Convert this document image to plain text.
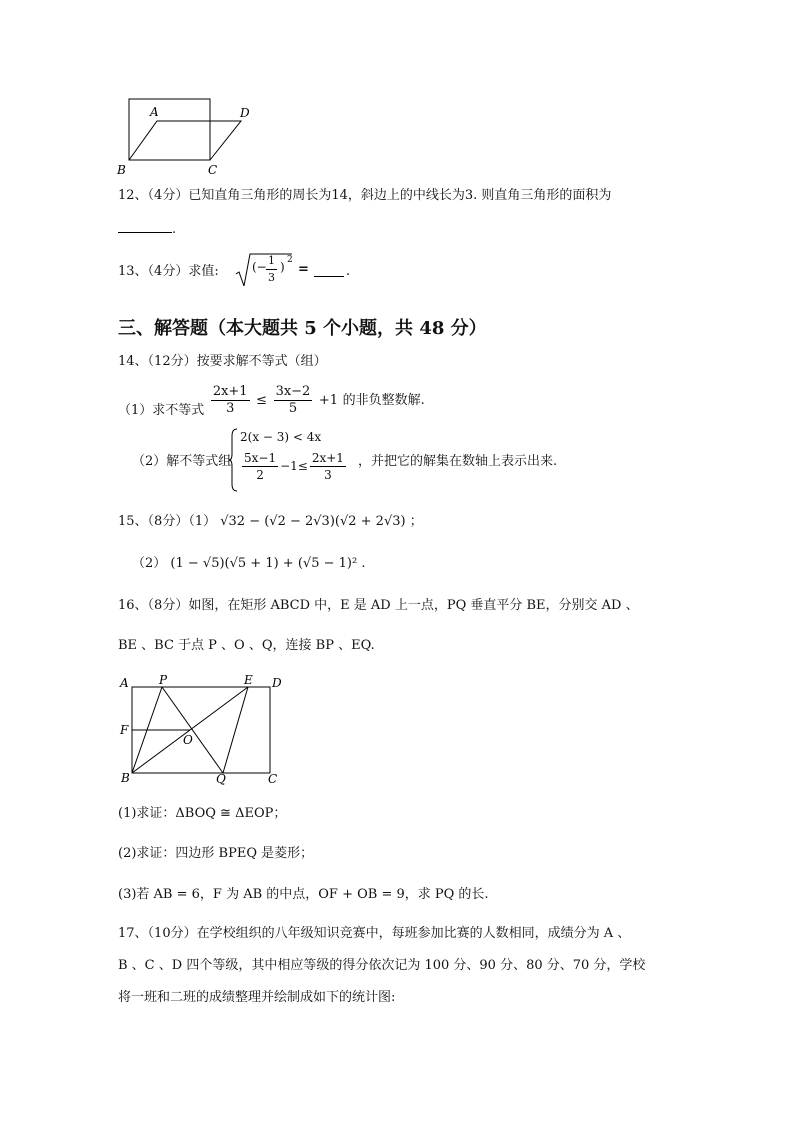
A	D
B	C
12、（4分）已知直角三角形的周长为14，斜边上的中线长为3. 则直角三角形的面积为
.
13、（4分）求值:	(− $\frac{1}{3}$ ) 2
=	.
三、解答题（本大题共 5 个小题，共 48 分）
14、（12分）按要求解不等式（组）
（1）求不等式 $\frac{2x+1}{3} \le \frac{3x-2}{5} +1$ 的非负整数解.
（2）解不等式组
2(x − 3) < 4x
$\frac{5x-1}{2} -1\le \frac{2x+1}{3}$ ，并把它的解集在数轴上表示出来.
15、（8分）（1） √32 − (√2 − 2√3)(√2 + 2√3) ；
（2） (1 − √5)(√5 + 1) + (√5 − 1)² .
16、（8分）如图，在矩形 ABCD 中，E 是 AD 上一点，PQ 垂直平分 BE，分别交 AD 、
BE 、BC 于点 P 、O 、Q，连接 BP 、EQ.
A	P	E D
F
O
B	Q	C
(1)求证：ΔBOQ ≅ ΔEOP；
(2)求证：四边形 BPEQ 是菱形；
(3)若 AB = 6，F 为 AB 的中点，OF + OB = 9，求 PQ 的长.
17、（10分）在学校组织的八年级知识竞赛中，每班参加比赛的人数相同，成绩分为 A 、
B 、C 、D 四个等级，其中相应等级的得分依次记为 100 分、90 分、80 分、70 分，学校
将一班和二班的成绩整理并绘制成如下的统计图:
